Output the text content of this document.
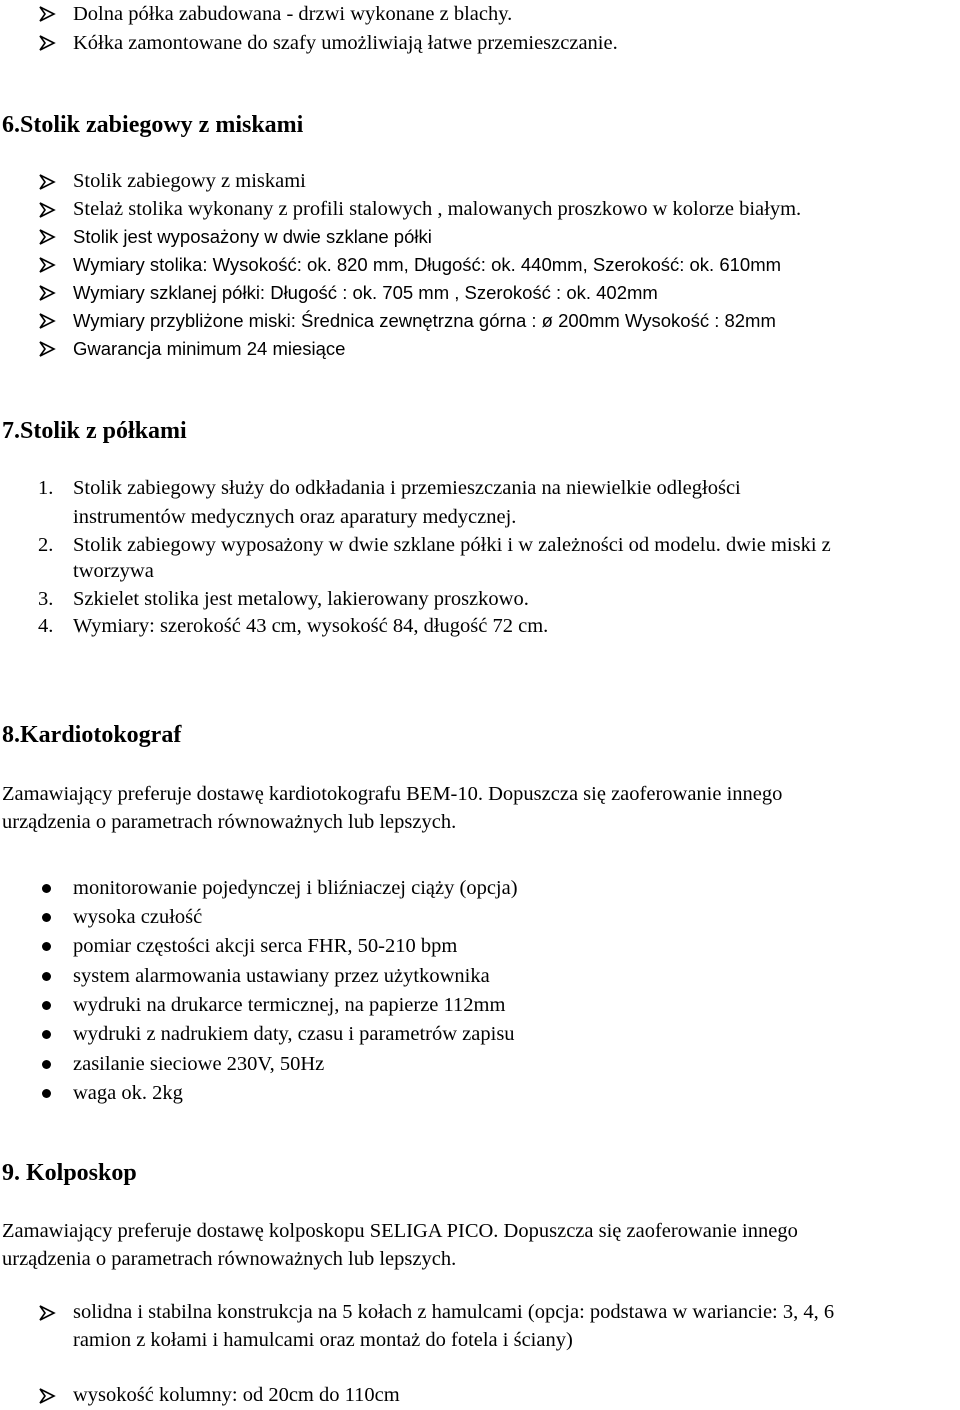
Dolna półka zabudowana - drzwi wykonane z blachy.
Kółka zamontowane do szafy umożliwiają łatwe przemieszczanie.
6.Stolik zabiegowy z miskami
Stolik zabiegowy z miskami
Stelaż stolika wykonany z profili stalowych , malowanych proszkowo w kolorze białym.
Stolik jest wyposażony w dwie szklane półki
Wymiary stolika: Wysokość: ok. 820 mm, Długość: ok. 440mm, Szerokość: ok. 610mm
Wymiary szklanej półki: Długość : ok. 705 mm , Szerokość : ok. 402mm
Wymiary przybliżone miski: Średnica zewnętrzna górna : ø 200mm Wysokość : 82mm
Gwarancja minimum 24 miesiące
7.Stolik z półkami
1. Stolik zabiegowy służy do odkładania i przemieszczania na niewielkie odległości
instrumentów medycznych oraz aparatury medycznej.
2. Stolik zabiegowy wyposażony w dwie szklane półki i w zależności od modelu. dwie miski z
tworzywa
3. Szkielet stolika jest metalowy, lakierowany proszkowo.
4. Wymiary: szerokość 43 cm, wysokość 84, długość 72 cm.
8.Kardiotokograf
Zamawiający preferuje dostawę kardiotokografu BEM-10. Dopuszcza się zaoferowanie innego
urządzenia o parametrach równoważnych lub lepszych.
monitorowanie pojedynczej i bliźniaczej ciąży (opcja)
wysoka czułość
pomiar częstości akcji serca FHR, 50-210 bpm
system alarmowania ustawiany przez użytkownika
wydruki na drukarce termicznej, na papierze 112mm
wydruki z nadrukiem daty, czasu i parametrów zapisu
zasilanie sieciowe 230V, 50Hz
waga ok. 2kg
9. Kolposkop
Zamawiający preferuje dostawę kolposkopu SELIGA PICO. Dopuszcza się zaoferowanie innego
urządzenia o parametrach równoważnych lub lepszych.
solidna i stabilna konstrukcja na 5 kołach z hamulcami (opcja: podstawa w wariancie: 3, 4, 6
ramion z kołami i hamulcami oraz montaż do fotela i ściany)
wysokość kolumny: od 20cm do 110cm
